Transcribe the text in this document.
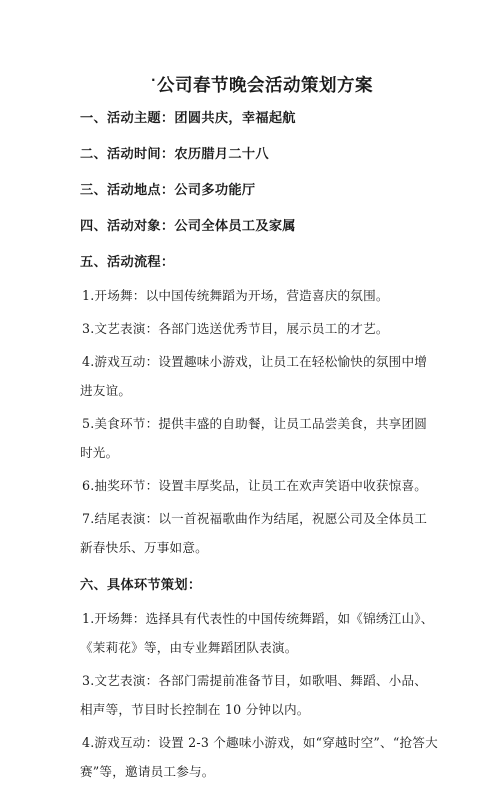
·公司春节晚会活动策划方案
一、活动主题：团圆共庆，幸福起航
二、活动时间：农历腊月二十八
三、活动地点：公司多功能厅
四、活动对象：公司全体员工及家属
五、活动流程：

1.开场舞：以中国传统舞蹈为开场，营造喜庆的氛围。

3.文艺表演：各部门选送优秀节目，展示员工的才艺。

4.游戏互动：设置趣味小游戏，让员工在轻松愉快的氛围中增进友谊。

5.美食环节：提供丰盛的自助餐，让员工品尝美食，共享团圆时光。

6.抽奖环节：设置丰厚奖品，让员工在欢声笑语中收获惊喜。

7.结尾表演：以一首祝福歌曲作为结尾，祝愿公司及全体员工新春快乐、万事如意。

六、具体环节策划：

1.开场舞：选择具有代表性的中国传统舞蹈，如《锦绣江山》、《茉莉花》等，由专业舞蹈团队表演。

3.文艺表演：各部门需提前准备节目，如歌唱、舞蹈、小品、相声等，节目时长控制在 10 分钟以内。

4.游戏互动：设置 2-3 个趣味小游戏，如“穿越时空”、“抢答大赛”等，邀请员工参与。
